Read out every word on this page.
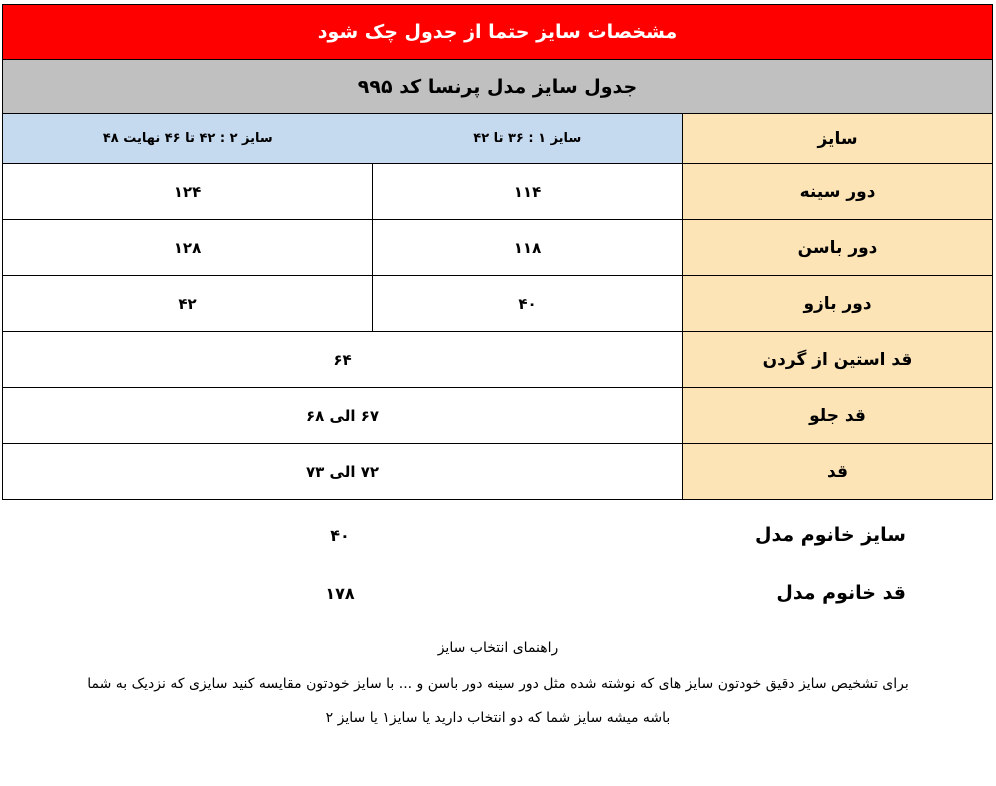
مشخصات سایز حتما از جدول چک شود		
جدول سایز مدل پرنسا کد ۹۹۵		
سایز	سایز ۱ : ۳۶ تا ۴۲	سایز ۲ : ۴۲ تا ۴۶ نهایت ۴۸
دور سینه	۱۱۴	۱۲۴
دور باسن	۱۱۸	۱۲۸
دور بازو	۴۰	۴۲
قد استین از گردن	۶۴	
قد جلو	۶۷ الی ۶۸	
قد	۷۲ الی ۷۳	
سایز خانوم مدل
۴۰
قد خانوم مدل
۱۷۸
راهنمای انتخاب سایز
برای تشخیص سایز دقیق خودتون سایز های که نوشته شده مثل دور سینه دور باسن و ... با سایز خودتون مقایسه کنید سایزی که نزدیک به شما
باشه میشه سایز شما که دو انتخاب دارید یا سایز۱ یا سایز ۲
